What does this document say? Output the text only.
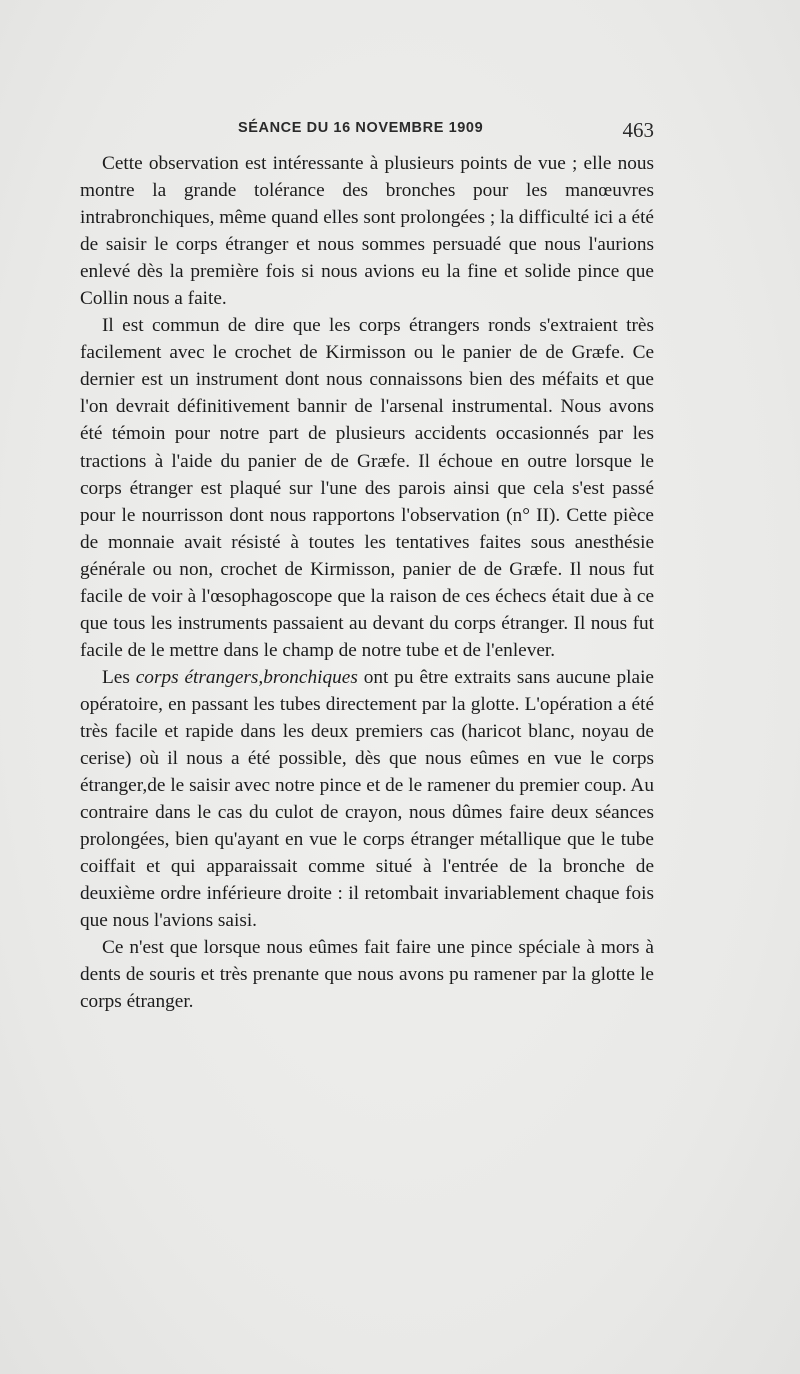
SÉANCE DU 16 NOVEMBRE 1909	463

Cette observation est intéressante à plusieurs points de vue ; elle nous montre la grande tolérance des bronches pour les manœuvres intrabronchiques, même quand elles sont prolongées ; la difficulté ici a été de saisir le corps étranger et nous sommes persuadé que nous l'aurions enlevé dès la première fois si nous avions eu la fine et solide pince que Collin nous a faite.

Il est commun de dire que les corps étrangers ronds s'extraient très facilement avec le crochet de Kirmisson ou le panier de de Græfe. Ce dernier est un instrument dont nous connaissons bien des méfaits et que l'on devrait définitivement bannir de l'arsenal instrumental. Nous avons été témoin pour notre part de plusieurs accidents occasionnés par les tractions à l'aide du panier de de Græfe. Il échoue en outre lorsque le corps étranger est plaqué sur l'une des parois ainsi que cela s'est passé pour le nourrisson dont nous rapportons l'observation (n° II). Cette pièce de monnaie avait résisté à toutes les tentatives faites sous anesthésie générale ou non, crochet de Kirmisson, panier de de Græfe. Il nous fut facile de voir à l'œsophagoscope que la raison de ces échecs était due à ce que tous les instruments passaient au devant du corps étranger. Il nous fut facile de le mettre dans le champ de notre tube et de l'enlever.

Les corps étrangers,bronchiques ont pu être extraits sans aucune plaie opératoire, en passant les tubes directement par la glotte. L'opération a été très facile et rapide dans les deux premiers cas (haricot blanc, noyau de cerise) où il nous a été possible, dès que nous eûmes en vue le corps étranger,de le saisir avec notre pince et de le ramener du premier coup. Au contraire dans le cas du culot de crayon, nous dûmes faire deux séances prolongées, bien qu'ayant en vue le corps étranger métallique que le tube coiffait et qui apparaissait comme situé à l'entrée de la bronche de deuxième ordre inférieure droite : il retombait invariablement chaque fois que nous l'avions saisi.

Ce n'est que lorsque nous eûmes fait faire une pince spéciale à mors à dents de souris et très prenante que nous avons pu ramener par la glotte le corps étranger.
